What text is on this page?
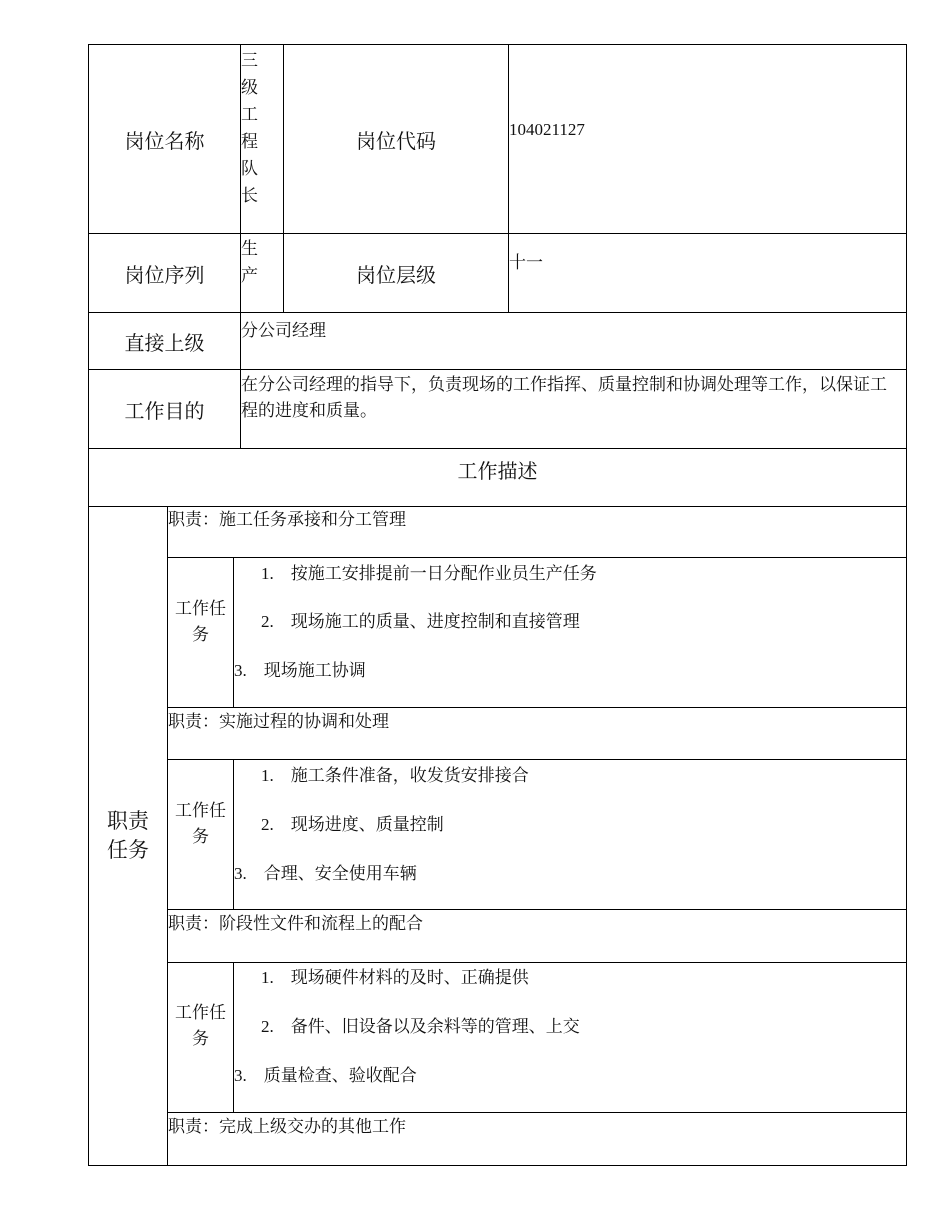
岗位名称
三级工程队长
岗位代码
104021127
岗位序列
生产	岗位层级
十一
直接上级
分公司经理
工作目的
在分公司经理的指导下，负责现场的工作指挥、质量控制和协调处理等工作，以保证工程的进度和质量。
工作描述
职责
任务
职责：施工任务承接和分工管理
工作任
务
1.　按施工安排提前一日分配作业员生产任务
2.　现场施工的质量、进度控制和直接管理
3.　现场施工协调
职责：实施过程的协调和处理
工作任
务
1.　施工条件准备，收发货安排接合
2.　现场进度、质量控制
3.　合理、安全使用车辆
职责：阶段性文件和流程上的配合
工作任
务
1.　现场硬件材料的及时、正确提供
2.　备件、旧设备以及余料等的管理、上交
3.　质量检查、验收配合
职责：完成上级交办的其他工作
